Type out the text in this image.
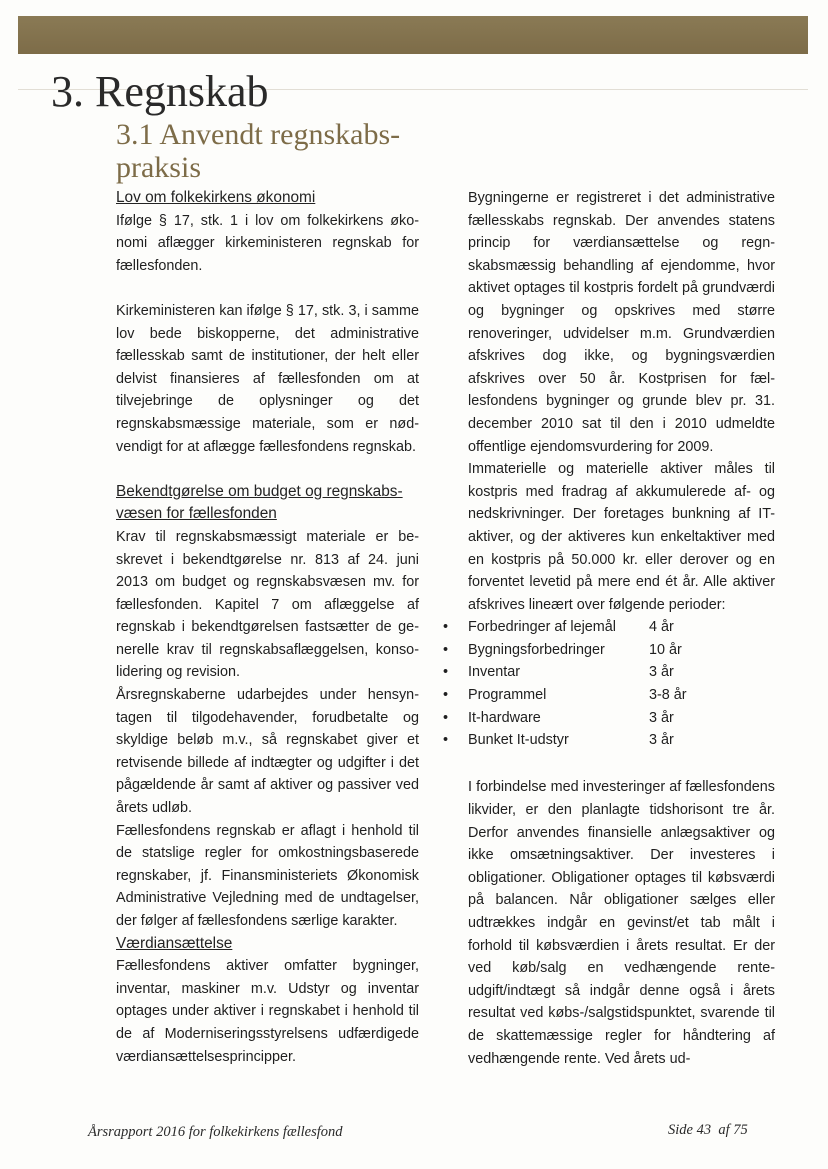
3. Regnskab
3.1 Anvendt regnskabs-
praksis
Lov om folkekirkens økonomi

Ifølge § 17, stk. 1 i lov om folkekirkens økonomi aflægger kirkeministeren regnskab for fællesfonden.

Kirkeministeren kan ifølge § 17, stk. 3, i samme lov bede biskopperne, det administrative fællesskab samt de institutioner, der helt eller delvist finansieres af fællesfonden om at tilvejebringe de oplysninger og det regnskabsmæssige materiale, som er nødvendigt for at aflægge fællesfondens regnskab.

Bekendtgørelse om budget og regnskabsvæsen for fællesfonden

Krav til regnskabsmæssigt materiale er beskrevet i bekendtgørelse nr. 813 af 24. juni 2013 om budget og regnskabsvæsen mv. for fællesfonden. Kapitel 7 om aflæggelse af regnskab i bekendtgørelsen fastsætter de generelle krav til regnskabsaflæggelsen, konsolidering og revision.

Årsregnskaberne udarbejdes under hensyntagen til tilgodehavender, forudbetalte og skyldige beløb m.v., så regnskabet giver et retvisende billede af indtægter og udgifter i det pågældende år samt af aktiver og passiver ved årets udløb.

Fællesfondens regnskab er aflagt i henhold til de statslige regler for omkostningsbaserede regnskaber, jf. Finansministeriets Økonomisk Administrative Vejledning med de undtagelser, der følger af fællesfondens særlige karakter.

Værdiansættelse

Fællesfondens aktiver omfatter bygninger, inventar, maskiner m.v. Udstyr og inventar optages under aktiver i regnskabet i henhold til de af Moderniseringsstyrelsens udfærdigede værdiansættelsesprincipper.

Bygningerne er registreret i det administrative fællesskabs regnskab. Der anvendes statens princip for værdiansættelse og regnskabsmæssig behandling af ejendomme, hvor aktivet optages til kostpris fordelt på grundværdi og bygninger og opskrives med større renoveringer, udvidelser m.m. Grundværdien afskrives dog ikke, og bygningsværdien afskrives over 50 år. Kostprisen for fællesfondens bygninger og grunde blev pr. 31. december 2010 sat til den i 2010 udmeldte offentlige ejendomsvurdering for 2009.

Immaterielle og materielle aktiver måles til kostpris med fradrag af akkumulerede af- og nedskrivninger. Der foretages bunkning af IT-aktiver, og der aktiveres kun enkeltaktiver med en kostpris på 50.000 kr. eller derover og en forventet levetid på mere end ét år. Alle aktiver afskrives lineært over følgende perioder:

• Forbedringer af lejemål 4 år
• Bygningsforbedringer	10 år
• Inventar	3 år
• Programmel	3-8 år
• It-hardware	3 år
• Bunket It-udstyr	3 år

I forbindelse med investeringer af fællesfondens likvider, er den planlagte tidshorisont tre år. Derfor anvendes finansielle anlægsaktiver og ikke omsætningsaktiver. Der investeres i obligationer. Obligationer optages til købsværdi på balancen. Når obligationer sælges eller udtrækkes indgår en gevinst/et tab målt i forhold til købsværdien i årets resultat. Er der ved køb/salg en vedhængende renteudgift/indtægt så indgår denne også i årets resultat ved købs-/salgstidspunktet, svarende til de skattemæssige regler for håndtering af vedhængende rente. Ved årets ud-

Årsrapport 2016 for folkekirkens fællesfond	Side 43  af 75
